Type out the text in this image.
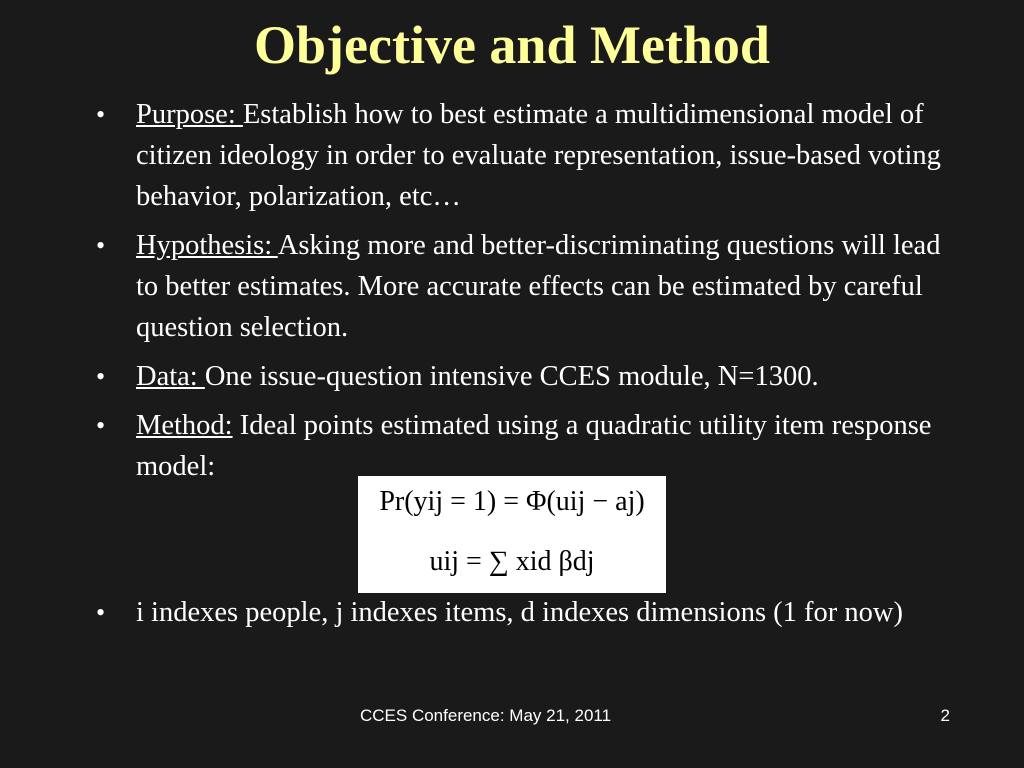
Objective and Method
•	Purpose: Establish how to best estimate a multidimensional model of citizen ideology in order to evaluate representation, issue-based voting behavior, polarization, etc…
•	Hypothesis: Asking more and better-discriminating questions will lead to better estimates. More accurate effects can be estimated by careful question selection.
•	Data: One issue-question intensive CCES module, N=1300.
•	Method: Ideal points estimated using a quadratic utility item response model:
Pr(yij = 1) = Φ(uij − aj)
uij = ∑ xid βdj
•	i indexes people, j indexes items, d indexes dimensions (1 for now)
CCES Conference: May 21, 2011	2
